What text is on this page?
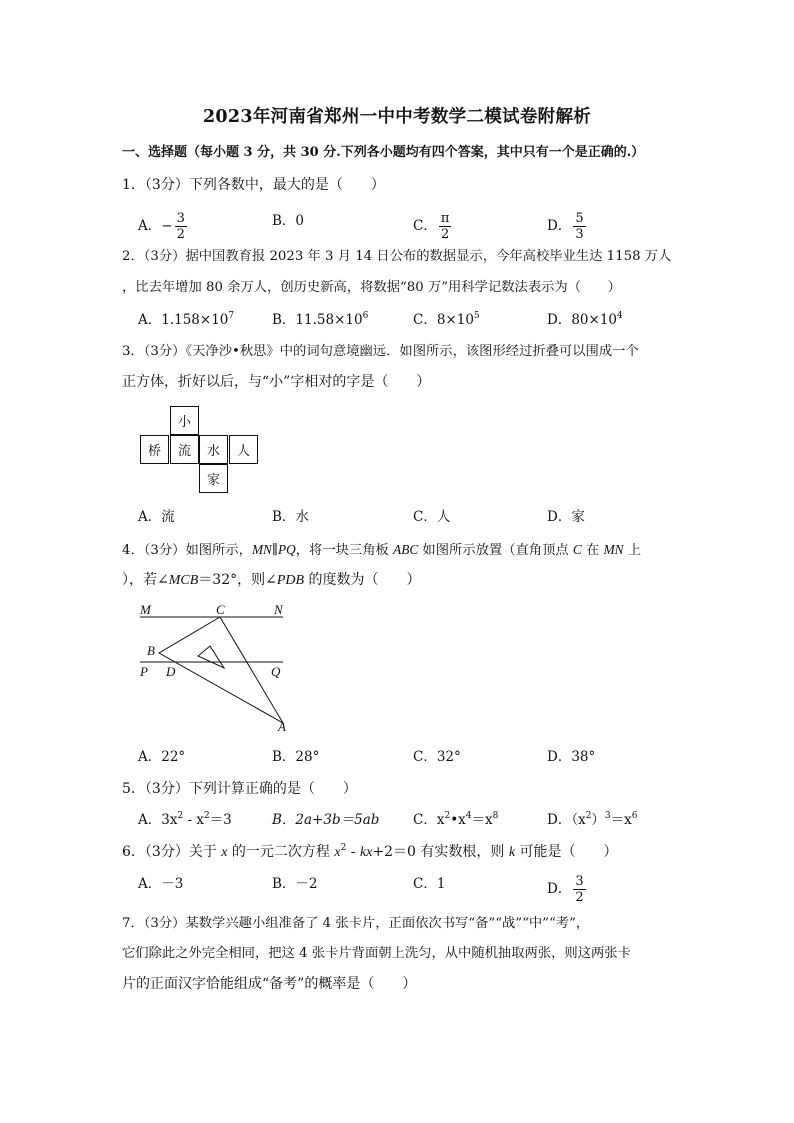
2023年河南省郑州一中中考数学二模试卷附解析
一、选择题（每小题 3 分，共 30 分.下列各小题均有四个答案，其中只有一个是正确的.）
1．（3分）下列各数中，最大的是（　　）
A．− $\frac{3}{2}$	B．0	C． $\frac{\pi}{2}$	D． $\frac{5}{3}$
2．（3分）据中国教育报 2023 年 3 月 14 日公布的数据显示，今年高校毕业生达 1158 万人
，比去年增加 80 余万人，创历史新高，将数据“80 万”用科学记数法表示为（　　）
A．$1.158\times 10^7$	B．$11.58\times 10^6$	C．$8\times 10^5$	D．$80\times 10^4$
3．（3分）《天净沙•秋思》中的词句意境幽远．如图所示，该图形经过折叠可以围成一个
正方体，折好以后，与“小”字相对的字是（　　）
小
桥	流	水	人
家
A．流	B．水	C．人	D．家
4．（3分）如图所示，MN∥PQ，将一块三角板 ABC 如图所示放置（直角顶点 C 在 MN 上
），若∠MCB＝32°，则∠PDB 的度数为（　　）
M	C	N
B
P D	Q
A
A．22°	B．28°	C．32°	D．38°
5．（3分）下列计算正确的是（　　）
A．$3x^2 - x^2=3$	B．2a+3b＝5ab C．$x^2•x^4=x^8$	D．$(x^2)^3=x^6$
6．（3分）关于 x 的一元二次方程 $x^2 - kx+2=0$ 有实数根，则 k 可能是（　　）
A．－3	B．－2	C．1	D． $\frac{3}{2}$
7．（3分）某数学兴趣小组准备了 4 张卡片，正面依次书写“备”“战”“中”“考”，
它们除此之外完全相同，把这 4 张卡片背面朝上洗匀，从中随机抽取两张，则这两张卡
片的正面汉字恰能组成“备考”的概率是（　　）
